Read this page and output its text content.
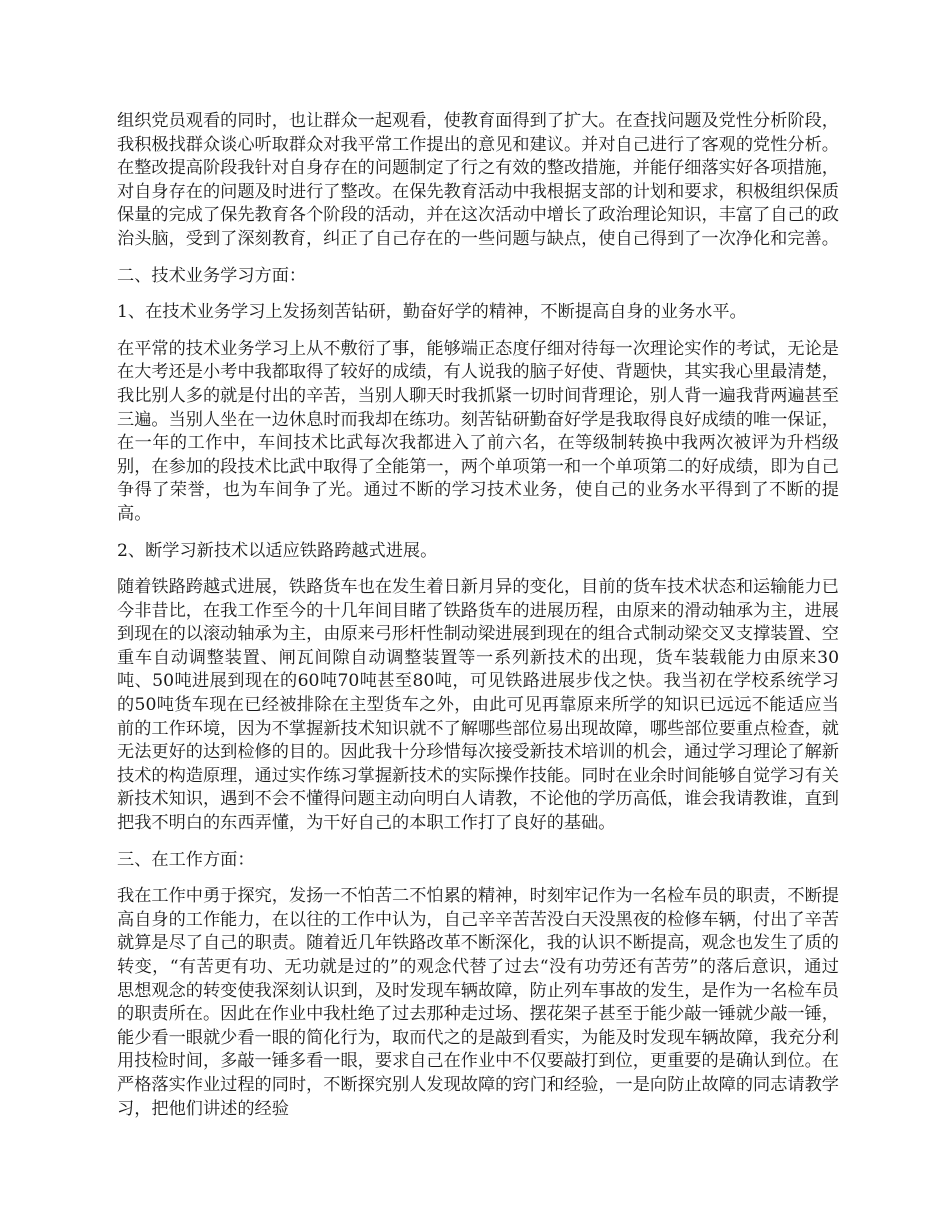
组织党员观看的同时，也让群众一起观看，使教育面得到了扩大。在查找问题及党性分析阶段，我积极找群众谈心听取群众对我平常工作提出的意见和建议。并对自己进行了客观的党性分析。在整改提高阶段我针对自身存在的问题制定了行之有效的整改措施，并能仔细落实好各项措施，对自身存在的问题及时进行了整改。在保先教育活动中我根据支部的计划和要求，积极组织保质保量的完成了保先教育各个阶段的活动，并在这次活动中增长了政治理论知识，丰富了自己的政治头脑，受到了深刻教育，纠正了自己存在的一些问题与缺点，使自己得到了一次净化和完善。

二、技术业务学习方面：

1、在技术业务学习上发扬刻苦钻研，勤奋好学的精神，不断提高自身的业务水平。

在平常的技术业务学习上从不敷衍了事，能够端正态度仔细对待每一次理论实作的考试，无论是在大考还是小考中我都取得了较好的成绩，有人说我的脑子好使、背题快，其实我心里最清楚，我比别人多的就是付出的辛苦，当别人聊天时我抓紧一切时间背理论，别人背一遍我背两遍甚至三遍。当别人坐在一边休息时而我却在练功。刻苦钻研勤奋好学是我取得良好成绩的唯一保证，在一年的工作中，车间技术比武每次我都进入了前六名，在等级制转换中我两次被评为升档级别，在参加的段技术比武中取得了全能第一，两个单项第一和一个单项第二的好成绩，即为自己争得了荣誉，也为车间争了光。通过不断的学习技术业务，使自己的业务水平得到了不断的提高。

2、断学习新技术以适应铁路跨越式进展。

随着铁路跨越式进展，铁路货车也在发生着日新月异的变化，目前的货车技术状态和运输能力已今非昔比，在我工作至今的十几年间目睹了铁路货车的进展历程，由原来的滑动轴承为主，进展到现在的以滚动轴承为主，由原来弓形杆性制动梁进展到现在的组合式制动梁交叉支撑装置、空重车自动调整装置、闸瓦间隙自动调整装置等一系列新技术的出现，货车装载能力由原来30吨、50吨进展到现在的60吨70吨甚至80吨，可见铁路进展步伐之快。我当初在学校系统学习的50吨货车现在已经被排除在主型货车之外，由此可见再靠原来所学的知识已远远不能适应当前的工作环境，因为不掌握新技术知识就不了解哪些部位易出现故障，哪些部位要重点检查，就无法更好的达到检修的目的。因此我十分珍惜每次接受新技术培训的机会，通过学习理论了解新技术的构造原理，通过实作练习掌握新技术的实际操作技能。同时在业余时间能够自觉学习有关新技术知识，遇到不会不懂得问题主动向明白人请教，不论他的学历高低，谁会我请教谁，直到把我不明白的东西弄懂，为干好自己的本职工作打了良好的基础。

三、在工作方面：

我在工作中勇于探究，发扬一不怕苦二不怕累的精神，时刻牢记作为一名检车员的职责，不断提高自身的工作能力，在以往的工作中认为，自己辛辛苦苦没白天没黑夜的检修车辆，付出了辛苦就算是尽了自己的职责。随着近几年铁路改革不断深化，我的认识不断提高，观念也发生了质的转变，“有苦更有功、无功就是过的”的观念代替了过去“没有功劳还有苦劳”的落后意识，通过思想观念的转变使我深刻认识到，及时发现车辆故障，防止列车事故的发生，是作为一名检车员的职责所在。因此在作业中我杜绝了过去那种走过场、摆花架子甚至于能少敲一锤就少敲一锤，能少看一眼就少看一眼的简化行为，取而代之的是敲到看实，为能及时发现车辆故障，我充分利用技检时间，多敲一锤多看一眼，要求自己在作业中不仅要敲打到位，更重要的是确认到位。在严格落实作业过程的同时，不断探究别人发现故障的窍门和经验，一是向防止故障的同志请教学习，把他们讲述的经验
